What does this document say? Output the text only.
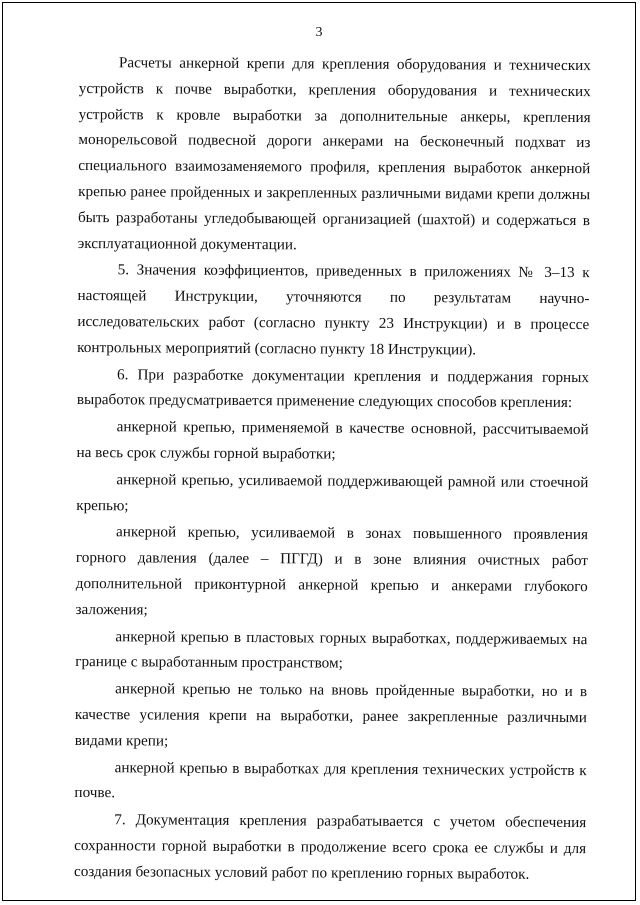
3

Расчеты анкерной крепи для крепления оборудования и технических устройств к почве выработки, крепления оборудования и технических устройств к кровле выработки за дополнительные анкеры, крепления монорельсовой подвесной дороги анкерами на бесконечный подхват из специального взаимозаменяемого профиля, крепления выработок анкерной крепью ранее пройденных и закрепленных различными видами крепи должны быть разработаны угледобывающей организацией (шахтой) и содержаться в эксплуатационной документации.

5. Значения коэффициентов, приведенных в приложениях № 3–13 к настоящей Инструкции, уточняются по результатам научно-исследовательских работ (согласно пункту 23 Инструкции) и в процессе контрольных мероприятий (согласно пункту 18 Инструкции).

6. При разработке документации крепления и поддержания горных выработок предусматривается применение следующих способов крепления:

анкерной крепью, применяемой в качестве основной, рассчитываемой на весь срок службы горной выработки;

анкерной крепью, усиливаемой поддерживающей рамной или стоечной крепью;

анкерной крепью, усиливаемой в зонах повышенного проявления горного давления (далее – ПГГД) и в зоне влияния очистных работ дополнительной приконтурной анкерной крепью и анкерами глубокого заложения;

анкерной крепью в пластовых горных выработках, поддерживаемых на границе с выработанным пространством;

анкерной крепью не только на вновь пройденные выработки, но и в качестве усиления крепи на выработки, ранее закрепленные различными видами крепи;

анкерной крепью в выработках для крепления технических устройств к почве.

7. Документация крепления разрабатывается с учетом обеспечения сохранности горной выработки в продолжение всего срока ее службы и для создания безопасных условий работ по креплению горных выработок.
